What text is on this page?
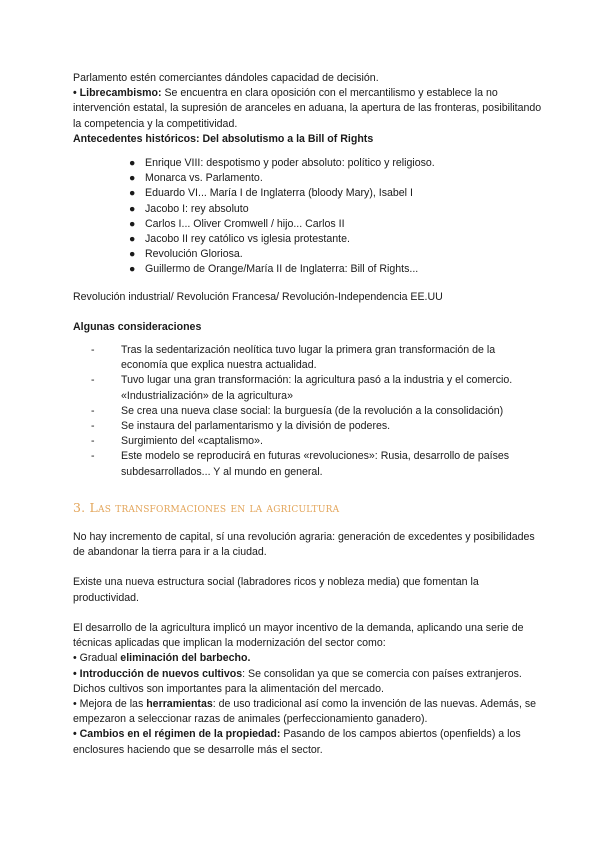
Parlamento estén comerciantes dándoles capacidad de decisión.

• Librecambismo: Se encuentra en clara oposición con el mercantilismo y establece la no intervención estatal, la supresión de aranceles en aduana, la apertura de las fronteras, posibilitando la competencia y la competitividad.

Antecedentes históricos: Del absolutismo a la Bill of Rights

● Enrique VIII: despotismo y poder absoluto: político y religioso.
● Monarca vs. Parlamento.
● Eduardo VI... María I de Inglaterra (bloody Mary), Isabel I
● Jacobo I: rey absoluto
● Carlos I... Oliver Cromwell / hijo... Carlos II
● Jacobo II rey católico vs iglesia protestante.
● Revolución Gloriosa.
● Guillermo de Orange/María II de Inglaterra: Bill of Rights...

Revolución industrial/ Revolución Francesa/ Revolución-Independencia EE.UU

Algunas consideraciones

- Tras la sedentarización neolítica tuvo lugar la primera gran transformación de la economía que explica nuestra actualidad.
- Tuvo lugar una gran transformación: la agricultura pasó a la industria y el comercio. «Industrialización» de la agricultura»
- Se crea una nueva clase social: la burguesía (de la revolución a la consolidación)
- Se instaura del parlamentarismo y la división de poderes.
- Surgimiento del «captalismo».
- Este modelo se reproducirá en futuras «revoluciones»: Rusia, desarrollo de países subdesarrollados... Y al mundo en general.

3. Las transformaciones en la agricultura

No hay incremento de capital, sí una revolución agraria: generación de excedentes y posibilidades de abandonar la tierra para ir a la ciudad.

Existe una nueva estructura social (labradores ricos y nobleza media) que fomentan la productividad.

El desarrollo de la agricultura implicó un mayor incentivo de la demanda, aplicando una serie de técnicas aplicadas que implican la modernización del sector como:

• Gradual eliminación del barbecho.

• Introducción de nuevos cultivos: Se consolidan ya que se comercia con países extranjeros. Dichos cultivos son importantes para la alimentación del mercado.

• Mejora de las herramientas: de uso tradicional así como la invención de las nuevas. Además, se empezaron a seleccionar razas de animales (perfeccionamiento ganadero).

• Cambios en el régimen de la propiedad: Pasando de los campos abiertos (openfields) a los enclosures haciendo que se desarrolle más el sector.
